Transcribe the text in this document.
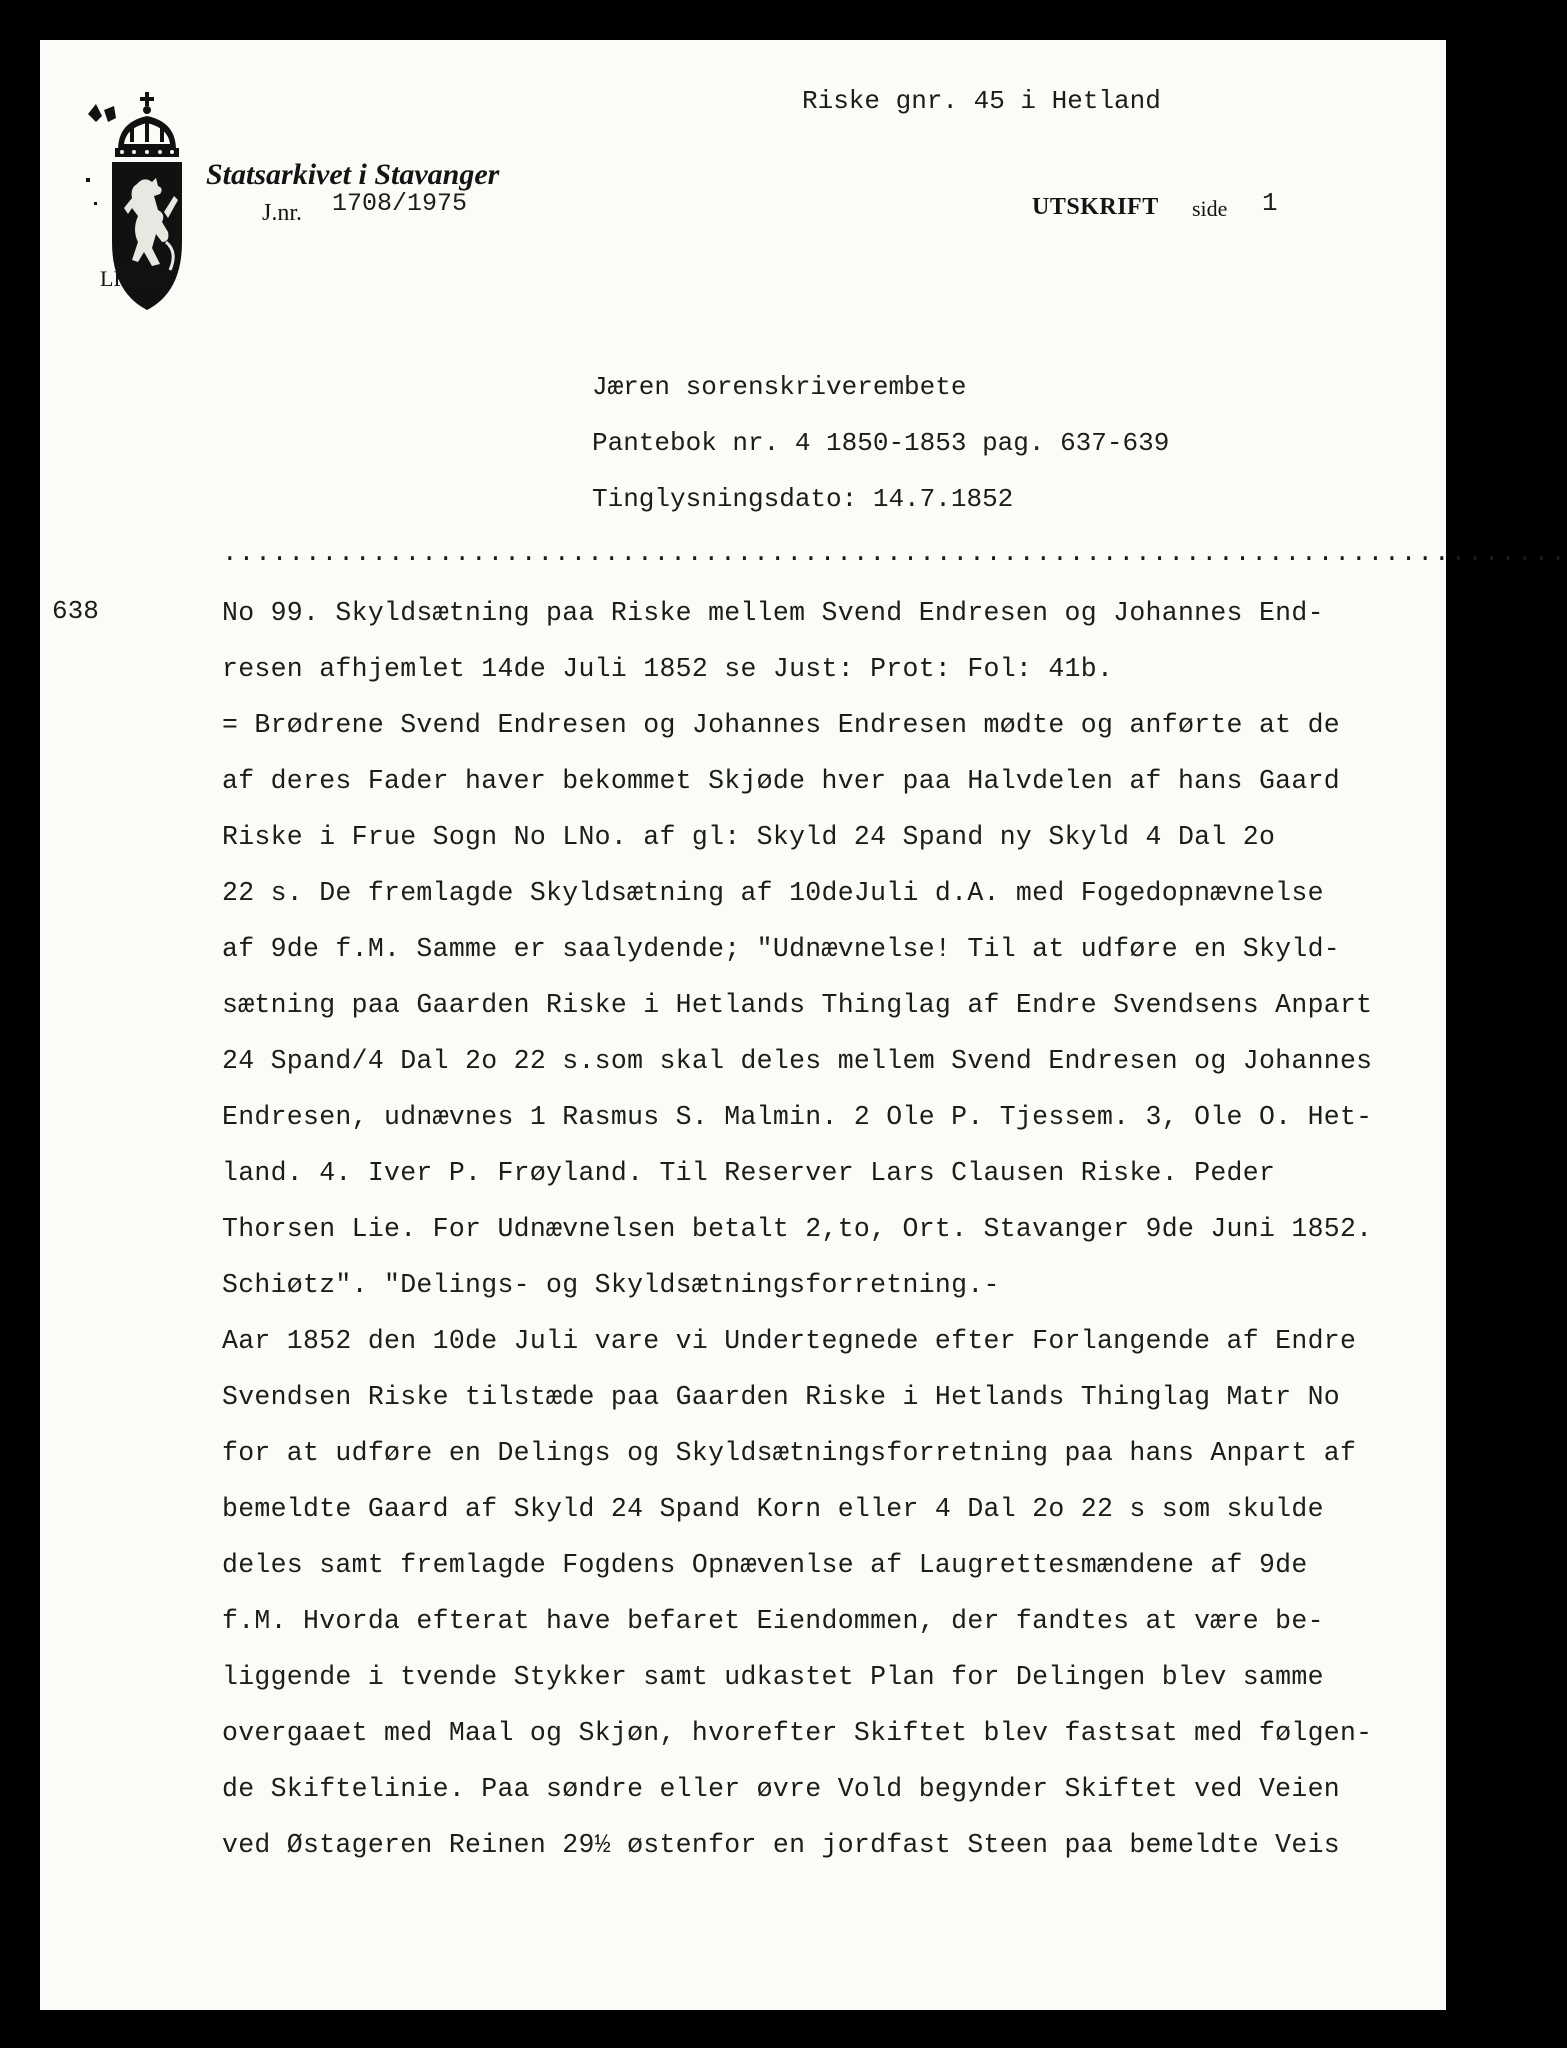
LR/VD
Statsarkivet i Stavanger
J.nr. 1708/1975
Riske gnr. 45 i Hetland
UTSKRIFT side 1
Jæren sorenskriverembete
Pantebok nr. 4 1850-1853 pag. 637-639
Tinglysningsdato: 14.7.1852
.................................................................................
638	No 99. Skyldsætning paa Riske mellem Svend Endresen og Johannes End-
resen afhjemlet 14de Juli 1852 se Just: Prot: Fol: 41b.
= Brødrene Svend Endresen og Johannes Endresen mødte og anførte at de
af deres Fader haver bekommet Skjøde hver paa Halvdelen af hans Gaard
Riske i Frue Sogn No LNo. af gl: Skyld 24 Spand ny Skyld 4 Dal 2o
22 s. De fremlagde Skyldsætning af 10deJuli d.A. med Fogedopnævnelse
af 9de f.M. Samme er saalydende; "Udnævnelse! Til at udføre en Skyld-
sætning paa Gaarden Riske i Hetlands Thinglag af Endre Svendsens Anpart
24 Spand/4 Dal 2o 22 s.som skal deles mellem Svend Endresen og Johannes
Endresen, udnævnes 1 Rasmus S. Malmin. 2 Ole P. Tjessem. 3, Ole O. Het-
land. 4. Iver P. Frøyland. Til Reserver Lars Clausen Riske. Peder
Thorsen Lie. For Udnævnelsen betalt 2,to, Ort. Stavanger 9de Juni 1852.
Schiøtz". "Delings- og Skyldsætningsforretning.-
Aar 1852 den 10de Juli vare vi Undertegnede efter Forlangende af Endre
Svendsen Riske tilstæde paa Gaarden Riske i Hetlands Thinglag Matr No
for at udføre en Delings og Skyldsætningsforretning paa hans Anpart af
bemeldte Gaard af Skyld 24 Spand Korn eller 4 Dal 2o 22 s som skulde
deles samt fremlagde Fogdens Opnævenlse af Laugrettesmændene af 9de
f.M. Hvorda efterat have befaret Eiendommen, der fandtes at være be-
liggende i tvende Stykker samt udkastet Plan for Delingen blev samme
overgaaet med Maal og Skjøn, hvorefter Skiftet blev fastsat med følgen-
de Skiftelinie. Paa søndre eller øvre Vold begynder Skiftet ved Veien
ved Østageren Reinen 29½ østenfor en jordfast Steen paa bemeldte Veis
